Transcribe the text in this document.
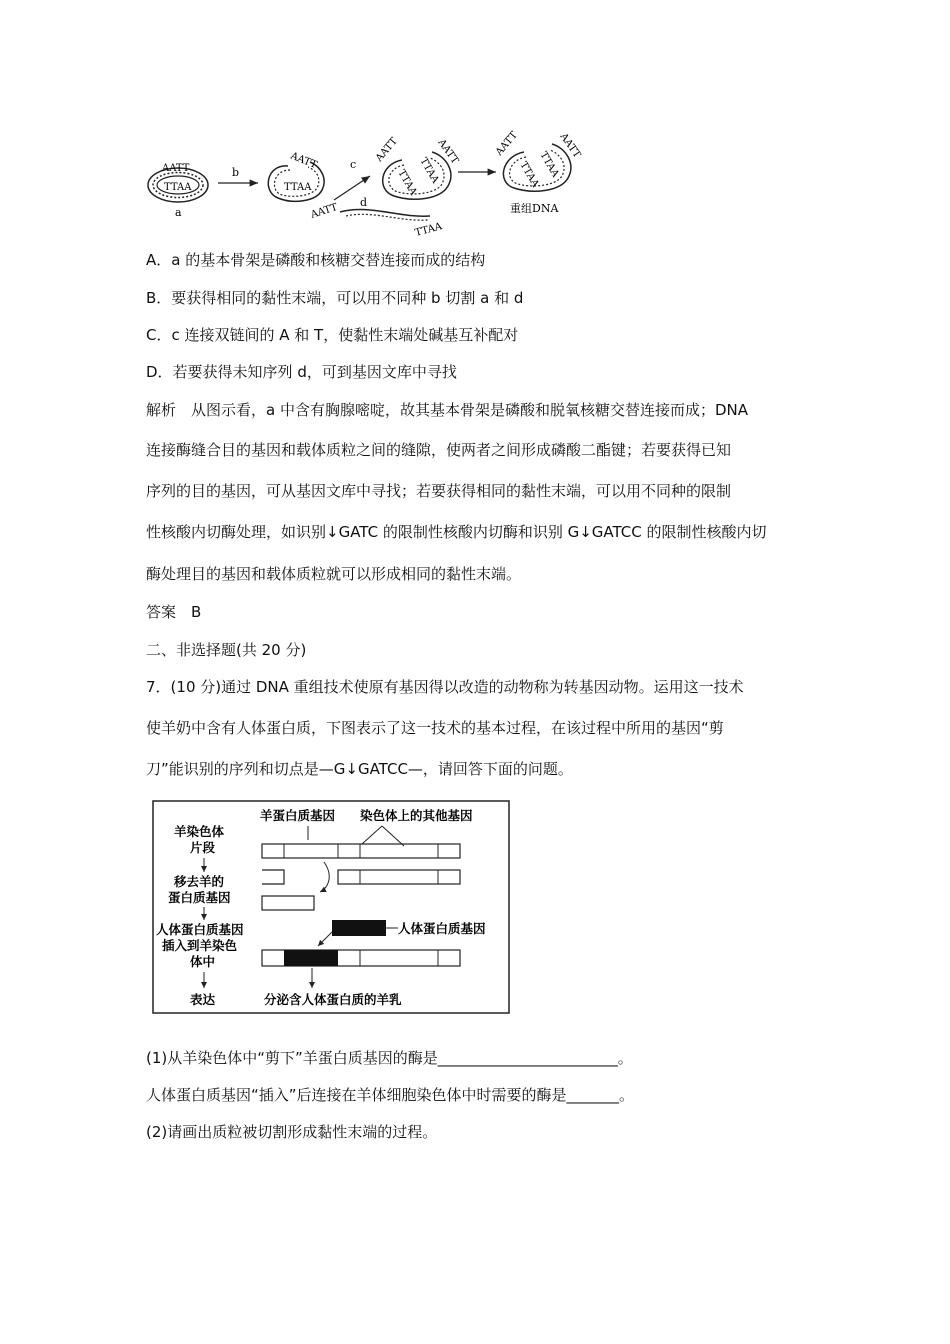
AATT
TTAA
a
b
AATT
TTAA
c
AATT
TTAA
d
AATT	AATT
TTAA
TTAA
AATT	AATT
TTAA
TTAA
重组DNA
A．a 的基本骨架是磷酸和核糖交替连接而成的结构
B．要获得相同的黏性末端，可以用不同种 b 切割 a 和 d
C．c 连接双链间的 A 和 T，使黏性末端处碱基互补配对
D．若要获得未知序列 d，可到基因文库中寻找
解析　从图示看，a 中含有胸腺嘧啶，故其基本骨架是磷酸和脱氧核糖交替连接而成；DNA
连接酶缝合目的基因和载体质粒之间的缝隙，使两者之间形成磷酸二酯键；若要获得已知
序列的目的基因，可从基因文库中寻找；若要获得相同的黏性末端，可以用不同种的限制
性核酸内切酶处理，如识别↓GATC 的限制性核酸内切酶和识别 G↓GATCC 的限制性核酸内切
酶处理目的基因和载体质粒就可以形成相同的黏性末端。
答案　B
二、非选择题(共 20 分)
7．(10 分)通过 DNA 重组技术使原有基因得以改造的动物称为转基因动物。运用这一技术
使羊奶中含有人体蛋白质，下图表示了这一技术的基本过程，在该过程中所用的基因“剪
刀”能识别的序列和切点是—G↓GATCC—，请回答下面的问题。
羊染色体
片段
移去羊的
蛋白质基因
人体蛋白质基因
插入到羊染色
体中
表达
羊蛋白质基因 染色体上的其他基因
人体蛋白质基因
分泌含人体蛋白质的羊乳
(1)从羊染色体中“剪下”羊蛋白质基因的酶是________________________。
人体蛋白质基因“插入”后连接在羊体细胞染色体中时需要的酶是_______。
(2)请画出质粒被切割形成黏性末端的过程。
